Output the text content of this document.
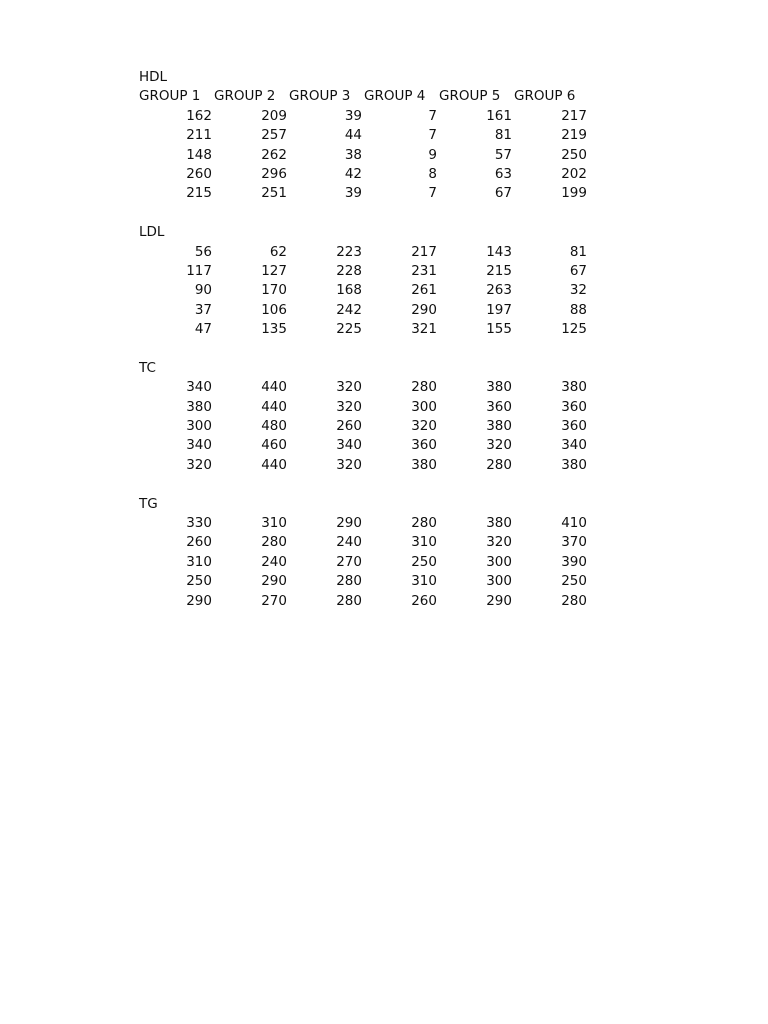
HDL
GROUP 1 GROUP 2 GROUP 3 GROUP 4 GROUP 5 GROUP 6
162	209	39	7	161	217
211	257	44	7	81	219
148	262	38	9	57	250
260	296	42	8	63	202
215	251	39	7	67	199
LDL
56	62	223	217	143	81
117	127	228	231	215	67
90	170	168	261	263	32
37	106	242	290	197	88
47	135	225	321	155	125
TC
340	440	320	280	380	380
380	440	320	300	360	360
300	480	260	320	380	360
340	460	340	360	320	340
320	440	320	380	280	380
TG
330	310	290	280	380	410
260	280	240	310	320	370
310	240	270	250	300	390
250	290	280	310	300	250
290	270	280	260	290	280
